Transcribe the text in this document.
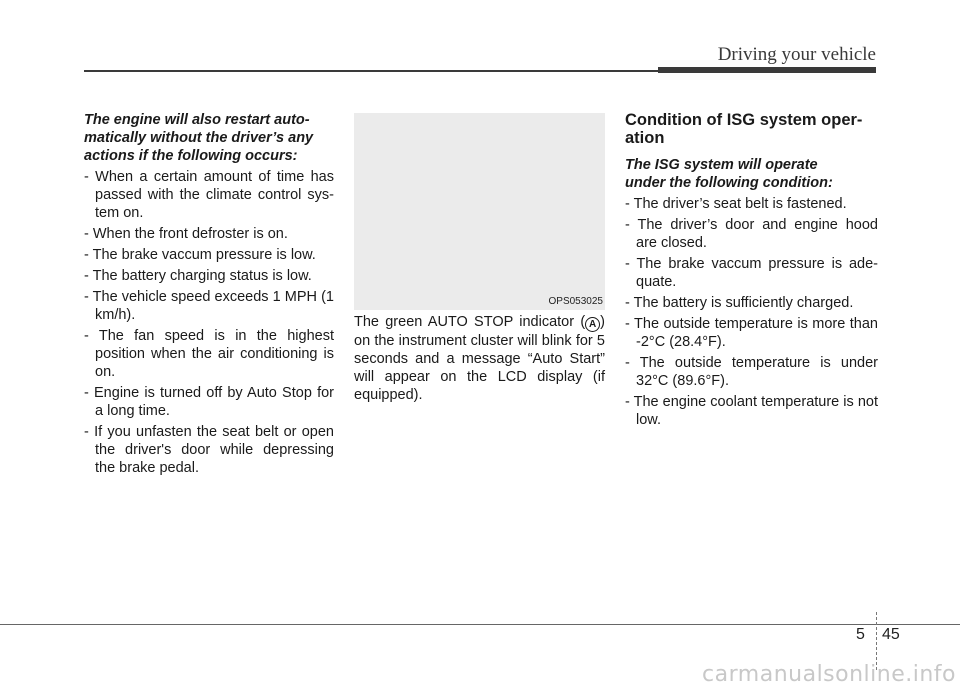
Driving your vehicle
The engine will also restart auto-
matically without the driver’s any
actions if the following occurs:
- When a certain amount of time has passed with the climate control sys-tem on.
- When the front defroster is on.
- The brake vaccum pressure is low.
- The battery charging status is low.
- The vehicle speed exceeds 1 MPH (1 km/h).
- The fan speed is in the highest position when the air conditioning is on.
- Engine is turned off by Auto Stop for a long time.
- If you unfasten the seat belt or open the driver's door while depressing the brake pedal.
OPS053025
The green AUTO STOP indicator ( A ) on the instrument cluster will blink for 5 seconds and a message “Auto Start” will appear on the LCD display (if equipped).
Condition of ISG system oper-
ation
The ISG system will operate
under the following condition:
- The driver’s seat belt is fastened.
- The driver’s door and engine hood are closed.
- The brake vaccum pressure is ade-quate.
- The battery is sufficiently charged.
- The outside temperature is more than -2°C (28.4°F).
- The outside temperature is under 32°C (89.6°F).
- The engine coolant temperature is not low.
5 45
carmanualsonline.info
